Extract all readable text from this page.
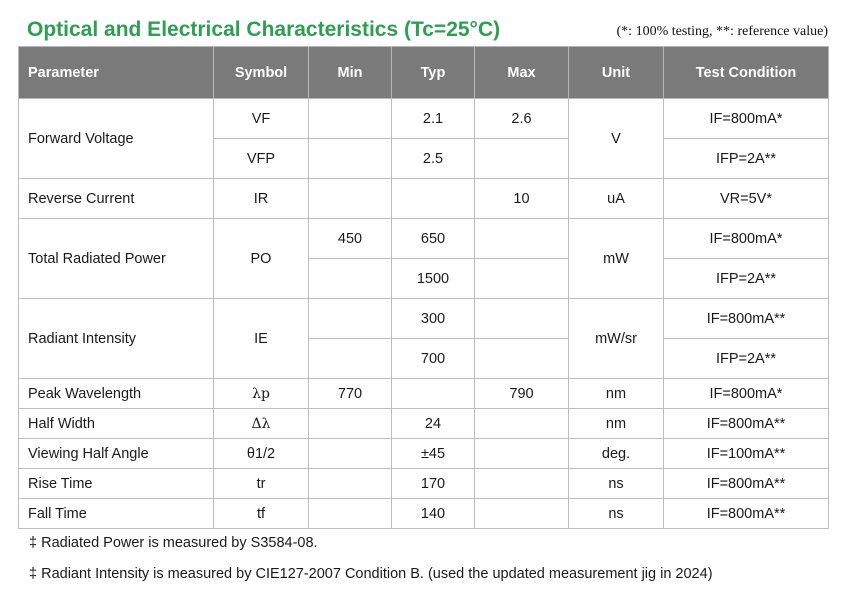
Optical and Electrical Characteristics (Tc=25°C)	(*: 100% testing, **: reference value)
Parameter	Symbol	Min	Typ	Max	Unit	Test Condition
Forward Voltage	VF		2.1	2.6	V	IF=800mA*
	VFP		2.5			IFP=2A**
Reverse Current	IR			10	uA	VR=5V*
Total Radiated Power	PO	450	650		mW	IF=800mA*
			1500			IFP=2A**
Radiant Intensity	IE		300		mW/sr	IF=800mA**
			700			IFP=2A**
Peak Wavelength	λp	770		790	nm	IF=800mA*
Half Width	Δλ		24		nm	IF=800mA**
Viewing Half Angle	θ1/2		±45		deg.	IF=100mA**
Rise Time	tr		170		ns	IF=800mA**
Fall Time	tf		140		ns	IF=800mA**
‡ Radiated Power is measured by S3584-08.
‡ Radiant Intensity is measured by CIE127-2007 Condition B. (used the updated measurement jig in 2024)
